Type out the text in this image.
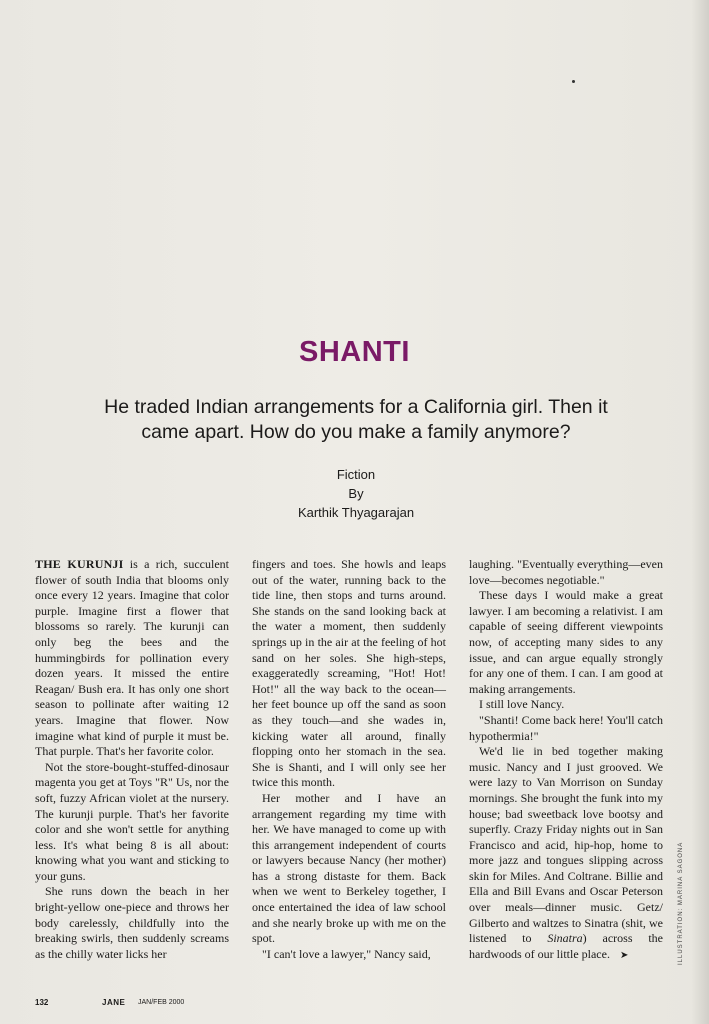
SHANTI

He traded Indian arrangements for a California girl. Then it came apart. How do you make a family anymore?

Fiction
By
Karthik Thyagarajan

THE KURUNJI is a rich, succulent flower of south India that blooms only once every 12 years. Imagine that color purple. Imagine first a flower that blossoms so rarely. The kurunji can only beg the bees and the hummingbirds for pollination every dozen years. It missed the entire Reagan/ Bush era. It has only one short season to pollinate after waiting 12 years. Imagine that flower. Now imagine what kind of purple it must be. That purple. That's her favorite color.

Not the store-bought-stuffed-dinosaur magenta you get at Toys "R" Us, nor the soft, fuzzy African violet at the nursery. The kurunji purple. That's her favorite color and she won't settle for anything less. It's what being 8 is all about: knowing what you want and sticking to your guns.

She runs down the beach in her bright-yellow one-piece and throws her body carelessly, childfully into the breaking swirls, then suddenly screams as the chilly water licks her

fingers and toes. She howls and leaps out of the water, running back to the tide line, then stops and turns around. She stands on the sand looking back at the water a moment, then suddenly springs up in the air at the feeling of hot sand on her soles. She high-steps, exaggeratedly screaming, "Hot! Hot! Hot!" all the way back to the ocean—her feet bounce up off the sand as soon as they touch—and she wades in, kicking water all around, finally flopping onto her stomach in the sea. She is Shanti, and I will only see her twice this month.

Her mother and I have an arrangement regarding my time with her. We have managed to come up with this arrangement independent of courts or lawyers because Nancy (her mother) has a strong distaste for them. Back when we went to Berkeley together, I once entertained the idea of law school and she nearly broke up with me on the spot.

"I can't love a lawyer," Nancy said,

laughing. "Eventually everything—even love—becomes negotiable."

These days I would make a great lawyer. I am becoming a relativist. I am capable of seeing different viewpoints now, of accepting many sides to any issue, and can argue equally strongly for any one of them. I can. I am good at making arrangements.

I still love Nancy.

"Shanti! Come back here! You'll catch hypothermia!"

We'd lie in bed together making music. Nancy and I just grooved. We were lazy to Van Morrison on Sunday mornings. She brought the funk into my house; bad sweetback love bootsy and superfly. Crazy Friday nights out in San Francisco and acid, hip-hop, home to more jazz and tongues slipping across skin for Miles. And Coltrane. Billie and Ella and Bill Evans and Oscar Peterson over meals—dinner music. Getz/ Gilberto and waltzes to Sinatra (shit, we listened to Sinatra) across the hardwoods of our little place. ➤	ILLUSTRATION: MARINA SAGONA
132	JANE JAN/FEB 2000
